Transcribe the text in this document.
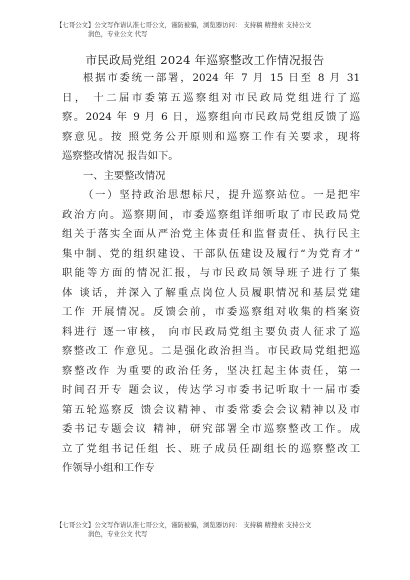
【七哥公文】公文写作请认准七哥公文，谨防被骗，浏览器访问： 支持稿 精搜索 支持公文
润色，专业公文 代写
市民政局党组 2024 年巡察整改工作情况报告

根据市委统一部署，2024 年 7 月 15 日至 8 月 31
日， 十二届市委第五巡察组对市民政局党组进行了巡
察。2024 年 9 月 6 日，巡察组向市民政局党组反馈了巡
察意见。按 照党务公开原则和巡察工作有关要求，现将
巡察整改情况 报告如下。

一、主要整改情况

（一）坚持政治思想标尺，提升巡察站位。一是把牢
政治方向。巡察期间，市委巡察组详细听取了市民政局党
组关于落实全面从严治党主体责任和监督责任、执行民主
集中制、党的组织建设、干部队伍建设及履行“为党育才”
职能等方面的情况汇报，与市民政局领导班子进行了集
体 谈话，并深入了解重点岗位人员履职情况和基层党建
工作 开展情况。反馈会前，市委巡察组对收集的档案资
料进行 逐一审核， 向市民政局党组主要负责人征求了巡
察整改工 作意见。二是强化政治担当。市民政局党组把巡
察整改作 为重要的政治任务，坚决扛起主体责任，第一
时间召开专 题会议，传达学习市委书记听取十一届市委
第五轮巡察反 馈会议精神、市委常委会会议精神以及市
委书记专题会议 精神，研究部署全市巡察整改工作。成
立了党组书记任组 长、班子成员任副组长的巡察整改工
作领导小组和工作专

【七哥公文】公文写作请认准七哥公文，谨防被骗，浏览器访问： 支持稿 精搜索 支持公文
润色，专业公文 代写
